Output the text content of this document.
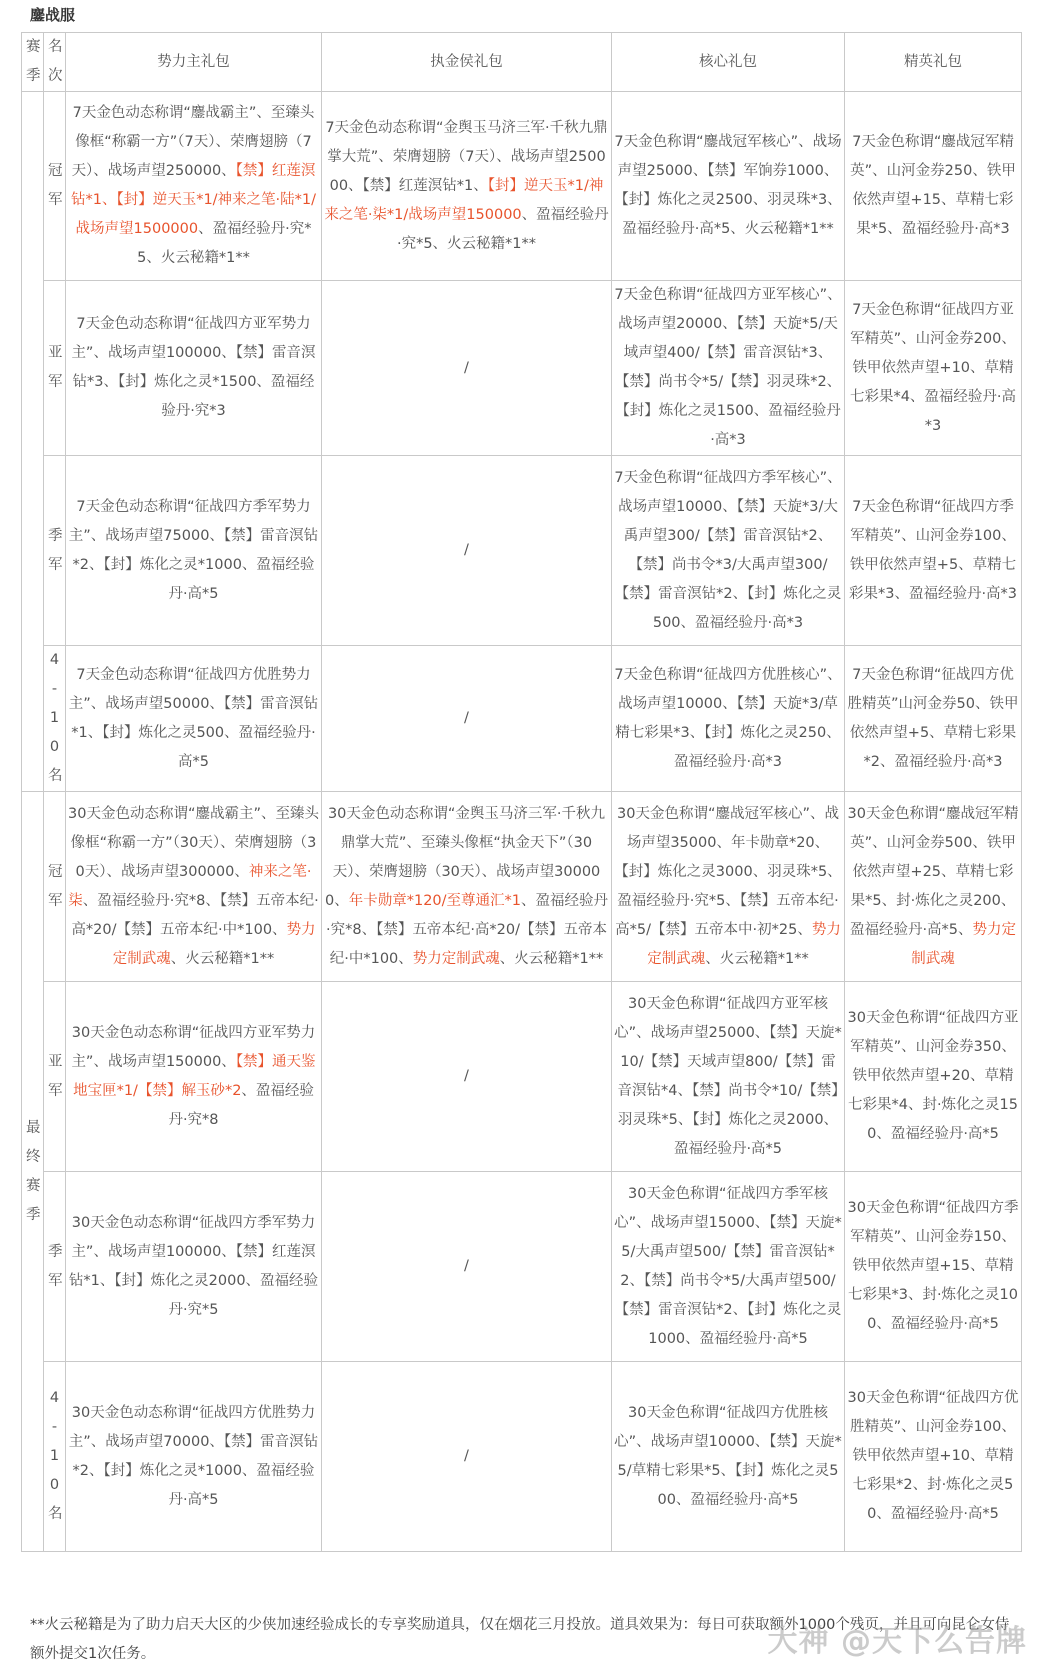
鏖战服
赛季	名次	势力主礼包	执金侯礼包	核心礼包	精英礼包
	冠军	7天金色动态称谓“鏖战霸主”、至臻头像框“称霸一方”（7天）、荣膺翅膀（7天）、战场声望250000、【禁】红莲溟钻*1、【封】逆天玉*1/神来之笔·陆*1/战场声望1500000、盈福经验丹·究*5、火云秘籍*1**	7天金色动态称谓“金舆玉马济三军·千秋九鼎掌大荒”、荣膺翅膀（7天）、战场声望250000、【禁】红莲溟钻*1、【封】逆天玉*1/神来之笔·柒*1/战场声望150000、盈福经验丹·究*5、火云秘籍*1**	7天金色称谓“鏖战冠军核心”、战场声望25000、【禁】军饷券1000、【封】炼化之灵2500、羽灵珠*3、盈福经验丹·高*5、火云秘籍*1**	7天金色称谓“鏖战冠军精英”、山河金券250、铁甲依然声望+15、草精七彩果*5、盈福经验丹·高*3
	亚军	7天金色动态称谓“征战四方亚军势力主”、战场声望100000、【禁】雷音溟钻*3、【封】炼化之灵*1500、盈福经验丹·究*3	/	7天金色称谓“征战四方亚军核心”、战场声望20000、【禁】天旋*5/天域声望400/【禁】雷音溟钻*3、【禁】尚书令*5/【禁】羽灵珠*2、【封】炼化之灵1500、盈福经验丹·高*3	7天金色称谓“征战四方亚军精英”、山河金券200、铁甲依然声望+10、草精七彩果*4、盈福经验丹·高*3
	季军	7天金色动态称谓“征战四方季军势力主”、战场声望75000、【禁】雷音溟钻*2、【封】炼化之灵*1000、盈福经验丹·高*5	/	7天金色称谓“征战四方季军核心”、战场声望10000、【禁】天旋*3/大禹声望300/【禁】雷音溟钻*2、【禁】尚书令*3/大禹声望300/【禁】雷音溟钻*2、【封】炼化之灵500、盈福经验丹·高*3	7天金色称谓“征战四方季军精英”、山河金券100、铁甲依然声望+5、草精七彩果*3、盈福经验丹·高*3
	4-10名	7天金色动态称谓“征战四方优胜势力主”、战场声望50000、【禁】雷音溟钻*1、【封】炼化之灵500、盈福经验丹·高*5	/	7天金色称谓“征战四方优胜核心”、战场声望10000、【禁】天旋*3/草精七彩果*3、【封】炼化之灵250、盈福经验丹·高*3	7天金色称谓“征战四方优胜精英”山河金券50、铁甲依然声望+5、草精七彩果*2、盈福经验丹·高*3
最终赛季	冠军	30天金色动态称谓“鏖战霸主”、至臻头像框“称霸一方”（30天）、荣膺翅膀（30天）、战场声望300000、神来之笔·柒、盈福经验丹·究*8、【禁】五帝本纪·高*20/【禁】五帝本纪·中*100、势力定制武魂、火云秘籍*1**	30天金色动态称谓“金舆玉马济三军·千秋九鼎掌大荒”、至臻头像框“执金天下”（30天）、荣膺翅膀（30天）、战场声望300000、年卡勋章*120/至尊通汇*1、盈福经验丹·究*8、【禁】五帝本纪·高*20/【禁】五帝本纪·中*100、势力定制武魂、火云秘籍*1**	30天金色称谓“鏖战冠军核心”、战场声望35000、年卡勋章*20、【封】炼化之灵3000、羽灵珠*5、盈福经验丹·究*5、【禁】五帝本纪·高*5/【禁】五帝本中·初*25、势力定制武魂、火云秘籍*1**	30天金色称谓“鏖战冠军精英”、山河金券500、铁甲依然声望+25、草精七彩果*5、封·炼化之灵200、盈福经验丹·高*5、势力定制武魂
	亚军	30天金色动态称谓“征战四方亚军势力主”、战场声望150000、【禁】通天鉴地宝匣*1/【禁】解玉砂*2、盈福经验丹·究*8	/	30天金色称谓“征战四方亚军核心”、战场声望25000、【禁】天旋*10/【禁】天域声望800/【禁】雷音溟钻*4、【禁】尚书令*10/【禁】羽灵珠*5、【封】炼化之灵2000、盈福经验丹·高*5	30天金色称谓“征战四方亚军精英”、山河金券350、铁甲依然声望+20、草精七彩果*4、封·炼化之灵150、盈福经验丹·高*5
	季军	30天金色动态称谓“征战四方季军势力主”、战场声望100000、【禁】红莲溟钻*1、【封】炼化之灵2000、盈福经验丹·究*5	/	30天金色称谓“征战四方季军核心”、战场声望15000、【禁】天旋*5/大禹声望500/【禁】雷音溟钻*2、【禁】尚书令*5/大禹声望500/【禁】雷音溟钻*2、【封】炼化之灵1000、盈福经验丹·高*5	30天金色称谓“征战四方季军精英”、山河金券150、铁甲依然声望+15、草精七彩果*3、封·炼化之灵100、盈福经验丹·高*5
	4-10名	30天金色动态称谓“征战四方优胜势力主”、战场声望70000、【禁】雷音溟钻*2、【封】炼化之灵*1000、盈福经验丹·高*5	/	30天金色称谓“征战四方优胜核心”、战场声望10000、【禁】天旋*5/草精七彩果*5、【封】炼化之灵500、盈福经验丹·高*5	30天金色称谓“征战四方优胜精英”、山河金券100、铁甲依然声望+10、草精七彩果*2、封·炼化之灵50、盈福经验丹·高*5
**火云秘籍是为了助力启天大区的少侠加速经验成长的专享奖励道具，仅在烟花三月投放。道具效果为：每日可获取额外1000个残页，并且可向昆仑女侍额外提交1次任务。	大神 @天下么告牌
